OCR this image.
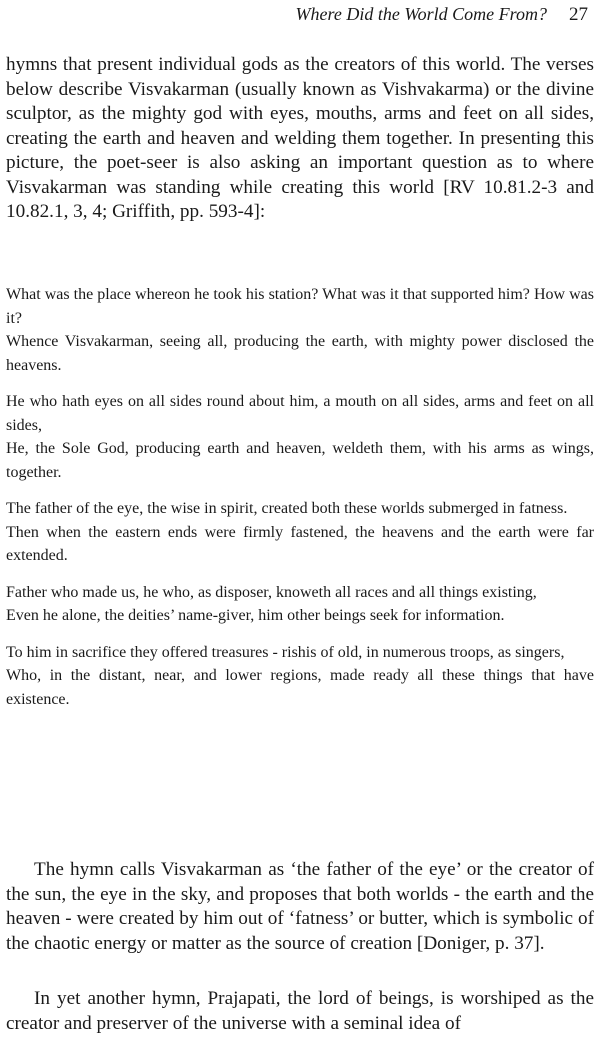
Where Did the World Come From? 27

hymns that present individual gods as the creators of this world. The verses below describe Visvakarman (usually known as Vishvakarma) or the divine sculptor, as the mighty god with eyes, mouths, arms and feet on all sides, creating the earth and heaven and welding them together. In presenting this picture, the poet-seer is also asking an important question as to where Visvakarman was standing while creating this world [RV 10.81.2-3 and 10.82.1, 3, 4; Griffith, pp. 593-4]:

What was the place whereon he took his station? What was it that supported him? How was it?

Whence Visvakarman, seeing all, producing the earth, with mighty power disclosed the heavens.

He who hath eyes on all sides round about him, a mouth on all sides, arms and feet on all sides,

He, the Sole God, producing earth and heaven, weldeth them, with his arms as wings, together.

The father of the eye, the wise in spirit, created both these worlds submerged in fatness.

Then when the eastern ends were firmly fastened, the heavens and the earth were far extended.

Father who made us, he who, as disposer, knoweth all races and all things existing,

Even he alone, the deities’ name-giver, him other beings seek for information.

To him in sacrifice they offered treasures - rishis of old, in numerous troops, as singers,

Who, in the distant, near, and lower regions, made ready all these things that have existence.

The hymn calls Visvakarman as ‘the father of the eye’ or the creator of the sun, the eye in the sky, and proposes that both worlds - the earth and the heaven - were created by him out of ‘fatness’ or butter, which is symbolic of the chaotic energy or matter as the source of creation [Doniger, p. 37].

In yet another hymn, Prajapati, the lord of beings, is worshiped as the creator and preserver of the universe with a seminal idea of
